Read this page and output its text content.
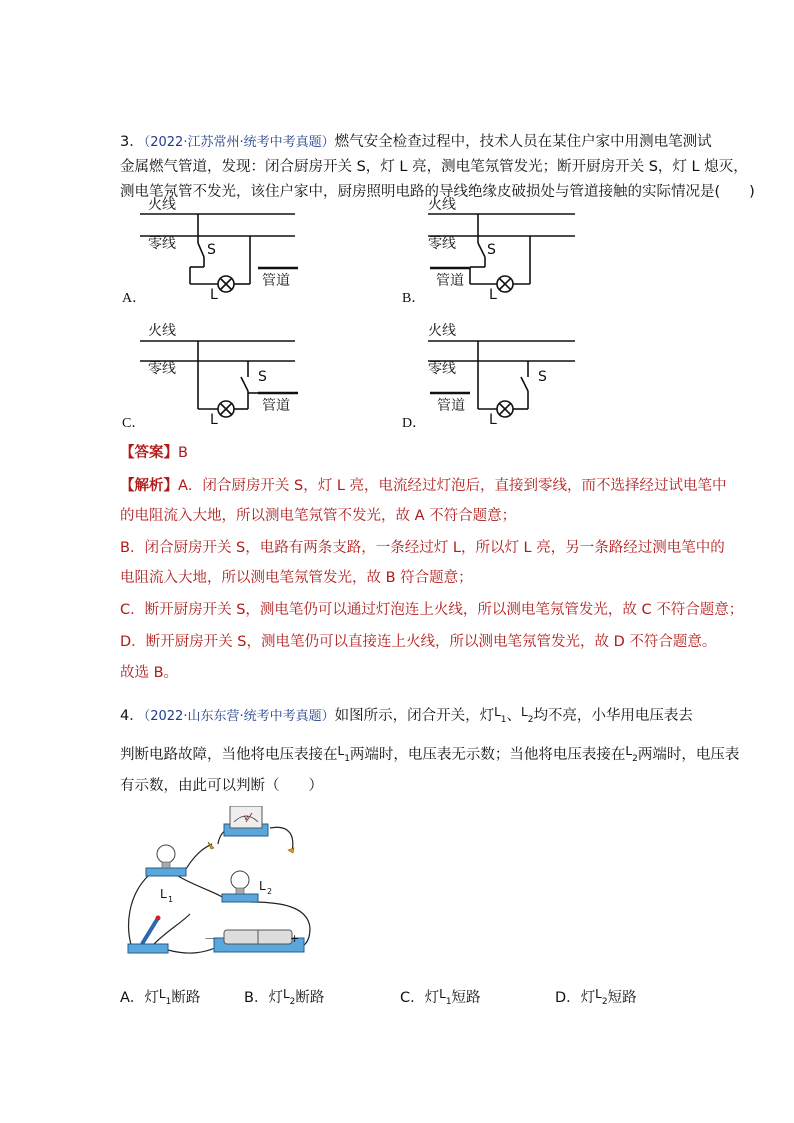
3．（2022·江苏常州·统考中考真题）燃气安全检查过程中，技术人员在某住户家中用测电笔测试
金属燃气管道，发现：闭合厨房开关 S，灯 L 亮，测电笔氖管发光；断开厨房开关 S，灯 L 熄灭，
测电笔氖管不发光，该住户家中，厨房照明电路的导线绝缘皮破损处与管道接触的实际情况是(　　)
火线
零线 S
L
管道
火线
零线 S
L
管道
火线
零线	S
L
管道
火线
零线	S
L
管道
A．	B．
C．	D．
【答案】B
【解析】A．闭合厨房开关 S，灯 L 亮，电流经过灯泡后，直接到零线，而不选择经过试电笔中
的电阻流入大地，所以测电笔氖管不发光，故 A 不符合题意；
B．闭合厨房开关 S，电路有两条支路，一条经过灯 L，所以灯 L 亮，另一条路经过测电笔中的
电阻流入大地，所以测电笔氖管发光，故 B 符合题意；
C．断开厨房开关 S，测电笔仍可以通过灯泡连上火线，所以测电笔氖管发光，故 C 不符合题意；
D．断开厨房开关 S，测电笔仍可以直接连上火线，所以测电笔氖管发光，故 D 不符合题意。
故选 B。
4．（2022·山东东营·统考中考真题）如图所示，闭合开关，灯$^L_1$、$^L_2$均不亮，小华用电压表去
判断电路故障，当他将电压表接在$^L_1$两端时，电压表无示数；当他将电压表接在$^L_2$两端时，电压表
有示数，由此可以判断（　　）
V
L 1
L 2
－	+
A．灯$^L_1$断路	B．灯$^L_2$断路	C．灯$^L_1$短路	D．灯$^L_2$短路
